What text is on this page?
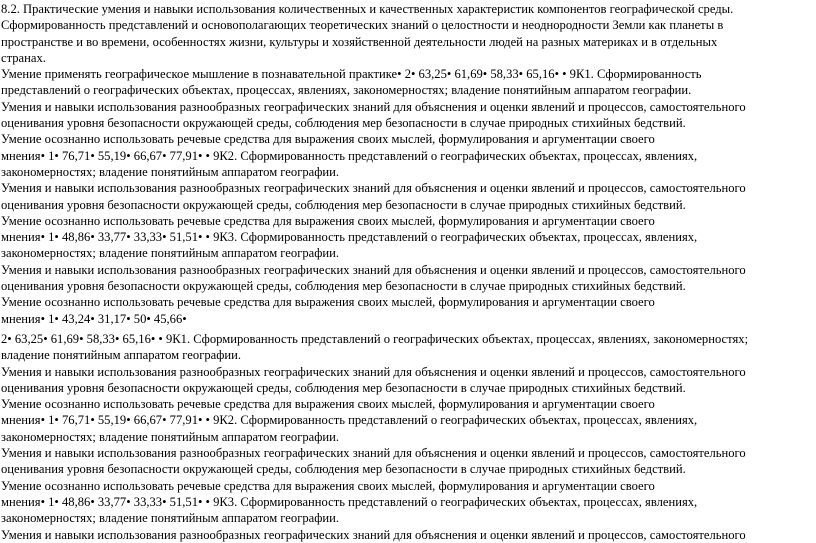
8.2. Практические умения и навыки использования количественных и качественных характеристик компонентов географической среды.
Сформированность представлений и основополагающих теоретических знаний о целостности и неоднородности Земли как планеты в
пространстве и во времени, особенностях жизни, культуры и хозяйственной деятельности людей на разных материках и в отдельных
странах.
Умение применять географическое мышление в познавательной практике• 2• 63,25• 61,69• 58,33• 65,16• • 9К1. Сформированность
представлений о географических объектах, процессах, явлениях, закономерностях; владение понятийным аппаратом географии.
Умения и навыки использования разнообразных географических знаний для объяснения и оценки явлений и процессов, самостоятельного
оценивания уровня безопасности окружающей среды, соблюдения мер безопасности в случае природных стихийных бедствий.
Умение осознанно использовать речевые средства для выражения своих мыслей, формулирования и аргументации своего
мнения• 1• 76,71• 55,19• 66,67• 77,91• • 9К2. Сформированность представлений о географических объектах, процессах, явлениях,
закономерностях; владение понятийным аппаратом географии.
Умения и навыки использования разнообразных географических знаний для объяснения и оценки явлений и процессов, самостоятельного
оценивания уровня безопасности окружающей среды, соблюдения мер безопасности в случае природных стихийных бедствий.
Умение осознанно использовать речевые средства для выражения своих мыслей, формулирования и аргументации своего
мнения• 1• 48,86• 33,77• 33,33• 51,51• • 9К3. Сформированность представлений о географических объектах, процессах, явлениях,
закономерностях; владение понятийным аппаратом географии.
Умения и навыки использования разнообразных географических знаний для объяснения и оценки явлений и процессов, самостоятельного
оценивания уровня безопасности окружающей среды, соблюдения мер безопасности в случае природных стихийных бедствий.
Умение осознанно использовать речевые средства для выражения своих мыслей, формулирования и аргументации своего
мнения• 1• 43,24• 31,17• 50• 45,66•
2• 63,25• 61,69• 58,33• 65,16• • 9К1. Сформированность представлений о географических объектах, процессах, явлениях, закономерностях;
владение понятийным аппаратом географии.
Умения и навыки использования разнообразных географических знаний для объяснения и оценки явлений и процессов, самостоятельного
оценивания уровня безопасности окружающей среды, соблюдения мер безопасности в случае природных стихийных бедствий.
Умение осознанно использовать речевые средства для выражения своих мыслей, формулирования и аргументации своего
мнения• 1• 76,71• 55,19• 66,67• 77,91• • 9К2. Сформированность представлений о географических объектах, процессах, явлениях,
закономерностях; владение понятийным аппаратом географии.
Умения и навыки использования разнообразных географических знаний для объяснения и оценки явлений и процессов, самостоятельного
оценивания уровня безопасности окружающей среды, соблюдения мер безопасности в случае природных стихийных бедствий.
Умение осознанно использовать речевые средства для выражения своих мыслей, формулирования и аргументации своего
мнения• 1• 48,86• 33,77• 33,33• 51,51• • 9К3. Сформированность представлений о географических объектах, процессах, явлениях,
закономерностях; владение понятийным аппаратом географии.
Умения и навыки использования разнообразных географических знаний для объяснения и оценки явлений и процессов, самостоятельного
